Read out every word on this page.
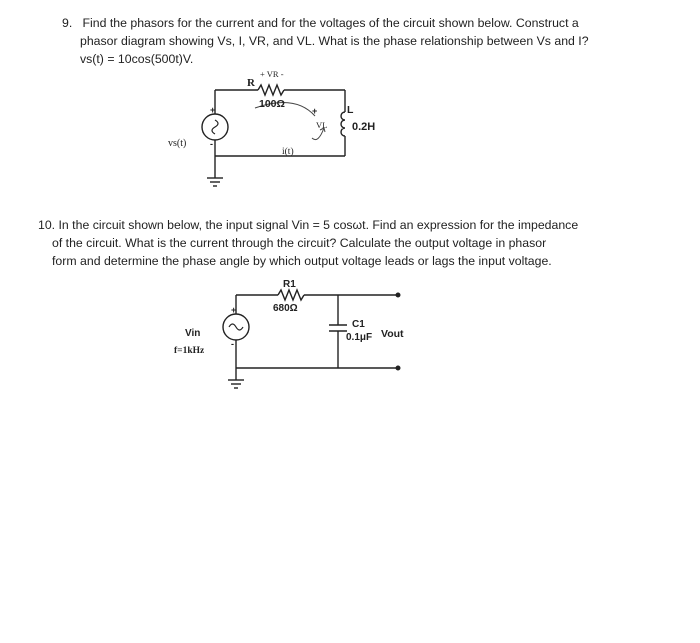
9. Find the phasors for the current and for the voltages of the circuit shown below. Construct a
phasor diagram showing Vs, I, VR, and VL. What is the phase relationship between Vs and I?
vs(t) = 10cos(500t)V.
+
-
R
+ VR -
100Ω	L
+
VL 0.2H
i(t)
vs(t)
10. In the circuit shown below, the input signal Vin = 5 cosωt. Find an expression for the impedance
of the circuit. What is the current through the circuit? Calculate the output voltage in phasor
form and determine the phase angle by which output voltage leads or lags the input voltage.
+
-
R1
680Ω
C1
0.1μF Vout
Vin
f=1kHz
